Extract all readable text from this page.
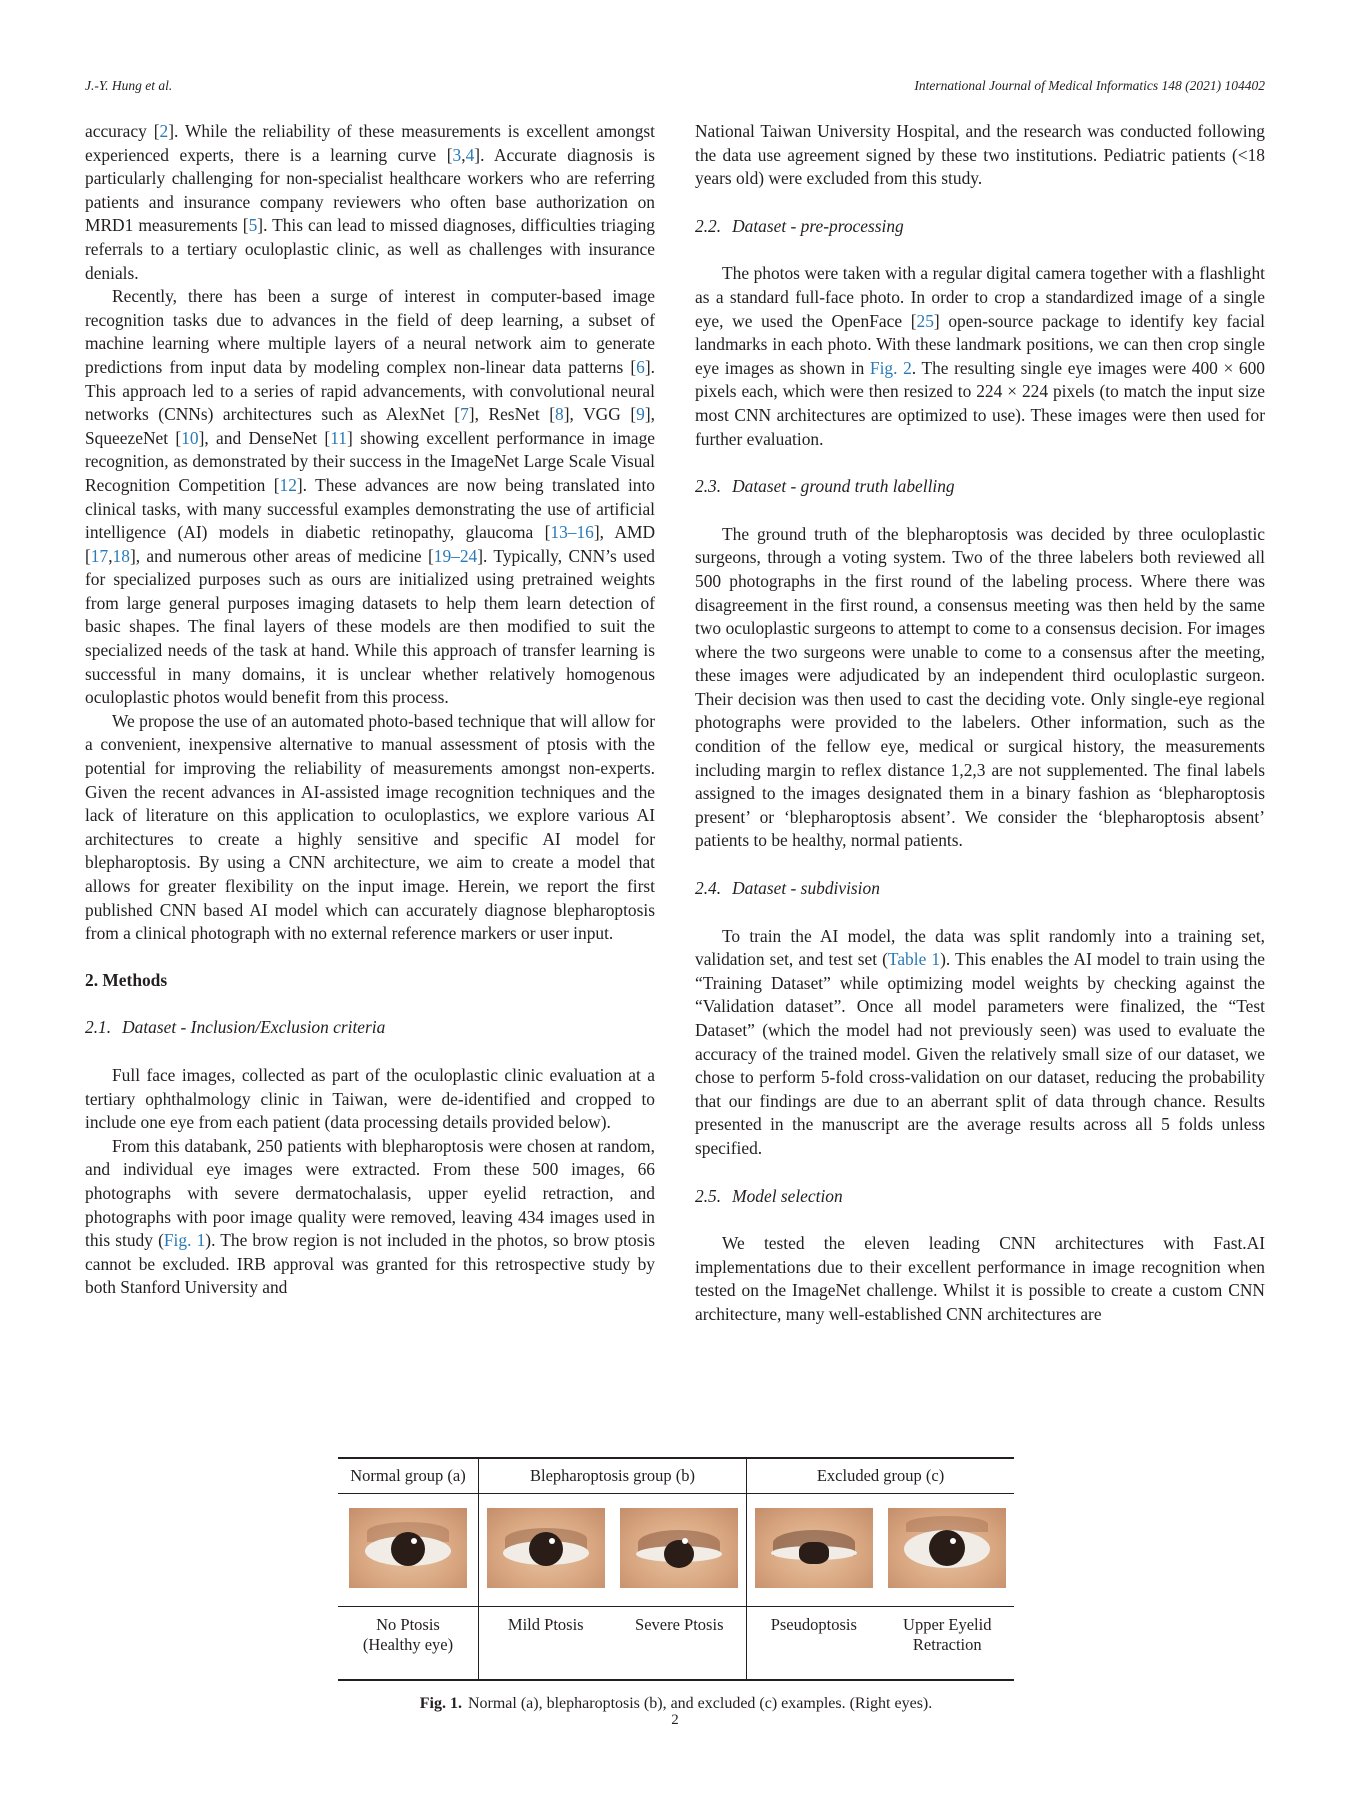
J.-Y. Hung et al.	International Journal of Medical Informatics 148 (2021) 104402

accuracy [2]. While the reliability of these measurements is excellent amongst experienced experts, there is a learning curve [3,4]. Accurate diagnosis is particularly challenging for non-specialist healthcare workers who are referring patients and insurance company reviewers who often base authorization on MRD1 measurements [5]. This can lead to missed diagnoses, difficulties triaging referrals to a tertiary oculoplastic clinic, as well as challenges with insurance denials.

Recently, there has been a surge of interest in computer-based image recognition tasks due to advances in the field of deep learning, a subset of machine learning where multiple layers of a neural network aim to generate predictions from input data by modeling complex non-linear data patterns [6]. This approach led to a series of rapid advancements, with convolutional neural networks (CNNs) architectures such as AlexNet [7], ResNet [8], VGG [9], SqueezeNet [10], and DenseNet [11] showing excellent performance in image recognition, as demonstrated by their success in the ImageNet Large Scale Visual Recognition Competition [12]. These advances are now being translated into clinical tasks, with many successful examples demonstrating the use of artificial intelligence (AI) models in diabetic retinopathy, glaucoma [13–16], AMD [17,18], and numerous other areas of medicine [19–24]. Typically, CNN’s used for specialized purposes such as ours are initialized using pretrained weights from large general purposes imaging datasets to help them learn detection of basic shapes. The final layers of these models are then modified to suit the specialized needs of the task at hand. While this approach of transfer learning is successful in many domains, it is unclear whether relatively homogenous oculoplastic photos would benefit from this process.

We propose the use of an automated photo-based technique that will allow for a convenient, inexpensive alternative to manual assessment of ptosis with the potential for improving the reliability of measurements amongst non-experts. Given the recent advances in AI-assisted image recognition techniques and the lack of literature on this application to oculoplastics, we explore various AI architectures to create a highly sensitive and specific AI model for blepharoptosis. By using a CNN architecture, we aim to create a model that allows for greater flexibility on the input image. Herein, we report the first published CNN based AI model which can accurately diagnose blepharoptosis from a clinical photograph with no external reference markers or user input.

2. Methods
2.1. Dataset - Inclusion/Exclusion criteria

Full face images, collected as part of the oculoplastic clinic evaluation at a tertiary ophthalmology clinic in Taiwan, were de-identified and cropped to include one eye from each patient (data processing details provided below).

From this databank, 250 patients with blepharoptosis were chosen at random, and individual eye images were extracted. From these 500 images, 66 photographs with severe dermatochalasis, upper eyelid retraction, and photographs with poor image quality were removed, leaving 434 images used in this study (Fig. 1). The brow region is not included in the photos, so brow ptosis cannot be excluded. IRB approval was granted for this retrospective study by both Stanford University and

National Taiwan University Hospital, and the research was conducted following the data use agreement signed by these two institutions. Pediatric patients (<18 years old) were excluded from this study.

2.2. Dataset - pre-processing

The photos were taken with a regular digital camera together with a flashlight as a standard full-face photo. In order to crop a standardized image of a single eye, we used the OpenFace [25] open-source package to identify key facial landmarks in each photo. With these landmark positions, we can then crop single eye images as shown in Fig. 2. The resulting single eye images were 400 × 600 pixels each, which were then resized to 224 × 224 pixels (to match the input size most CNN architectures are optimized to use). These images were then used for further evaluation.

2.3. Dataset - ground truth labelling

The ground truth of the blepharoptosis was decided by three oculoplastic surgeons, through a voting system. Two of the three labelers both reviewed all 500 photographs in the first round of the labeling process. Where there was disagreement in the first round, a consensus meeting was then held by the same two oculoplastic surgeons to attempt to come to a consensus decision. For images where the two surgeons were unable to come to a consensus after the meeting, these images were adjudicated by an independent third oculoplastic surgeon. Their decision was then used to cast the deciding vote. Only single-eye regional photographs were provided to the labelers. Other information, such as the condition of the fellow eye, medical or surgical history, the measurements including margin to reflex distance 1,2,3 are not supplemented. The final labels assigned to the images designated them in a binary fashion as ‘blepharoptosis present’ or ‘blepharoptosis absent’. We consider the ‘blepharoptosis absent’ patients to be healthy, normal patients.

2.4. Dataset - subdivision

To train the AI model, the data was split randomly into a training set, validation set, and test set (Table 1). This enables the AI model to train using the “Training Dataset” while optimizing model weights by checking against the “Validation dataset”. Once all model parameters were finalized, the “Test Dataset” (which the model had not previously seen) was used to evaluate the accuracy of the trained model. Given the relatively small size of our dataset, we chose to perform 5-fold cross-validation on our dataset, reducing the probability that our findings are due to an aberrant split of data through chance. Results presented in the manuscript are the average results across all 5 folds unless specified.

2.5. Model selection

We tested the eleven leading CNN architectures with Fast.AI implementations due to their excellent performance in image recognition when tested on the ImageNet challenge. Whilst it is possible to create a custom CNN architecture, many well-established CNN architectures are

Normal group (a)	Blepharoptosis group (b)		Excluded group (c)	

No Ptosis
(Healthy eye)	Mild Ptosis	Severe Ptosis	Pseudoptosis	Upper Eyelid
Retraction
Fig. 1. Normal (a), blepharoptosis (b), and excluded (c) examples. (Right eyes).
2
